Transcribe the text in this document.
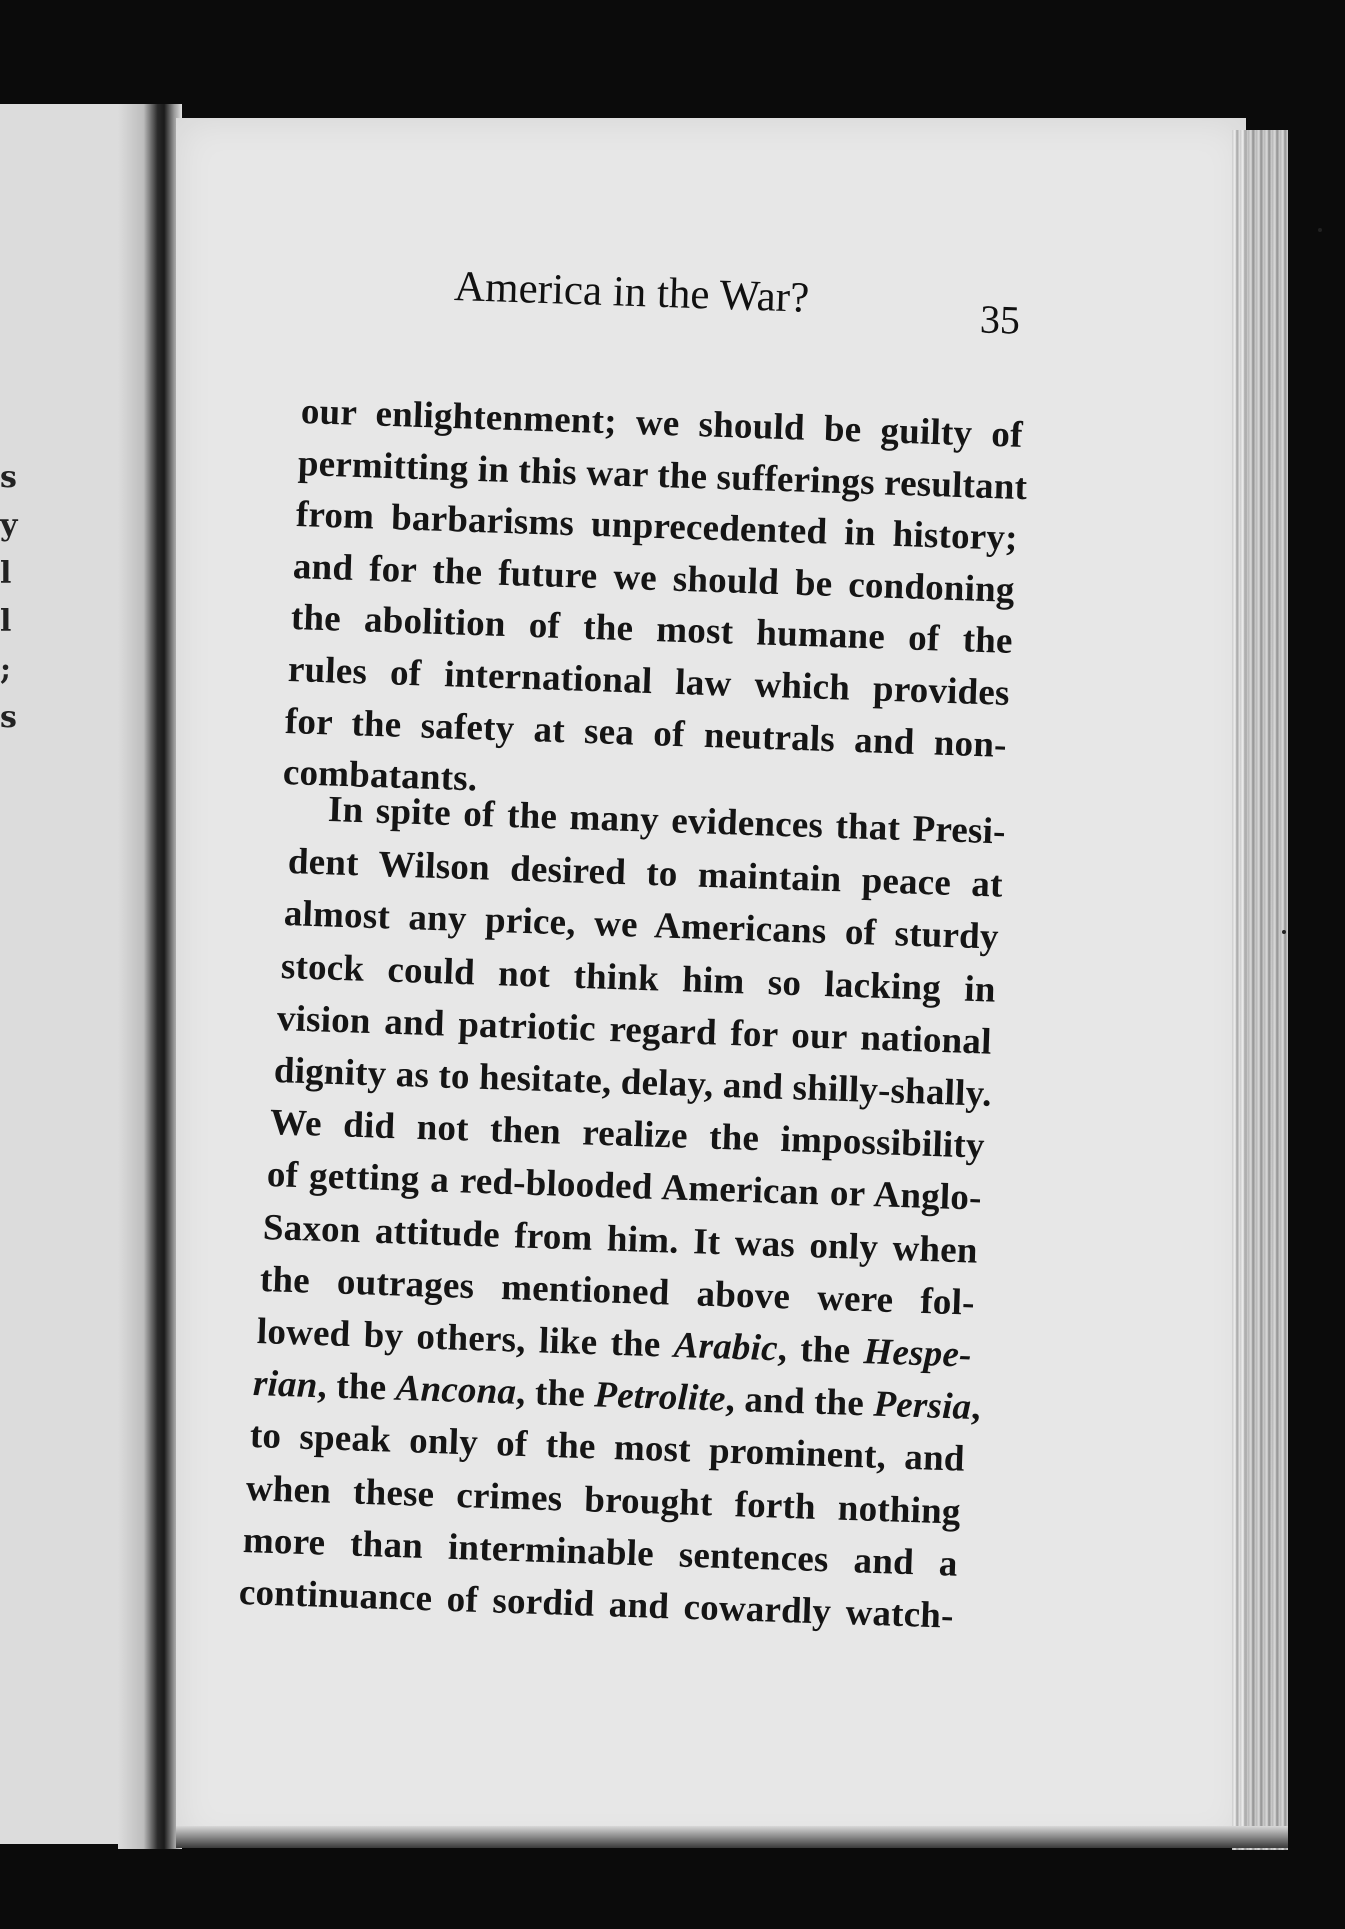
s
y
l
l
;
s
America in the War?	35
our enlightenment; we should be guilty of
permitting in this war the sufferings resultant
from barbarisms unprecedented in history;
and for the future we should be condoning
the abolition of the most humane of the
rules of international law which provides
for the safety at sea of neutrals and non-
combatants.
In spite of the many evidences that Presi-
dent Wilson desired to maintain peace at
almost any price, we Americans of sturdy
stock could not think him so lacking in
vision and patriotic regard for our national
dignity as to hesitate, delay, and shilly-shally.
We did not then realize the impossibility
of getting a red-blooded American or Anglo-
Saxon attitude from him. It was only when
the outrages mentioned above were fol-
lowed by others, like the Arabic, the Hespe-
rian, the Ancona, the Petrolite, and the Persia,
to speak only of the most prominent, and
when these crimes brought forth nothing
more than interminable sentences and a
continuance of sordid and cowardly watch-
